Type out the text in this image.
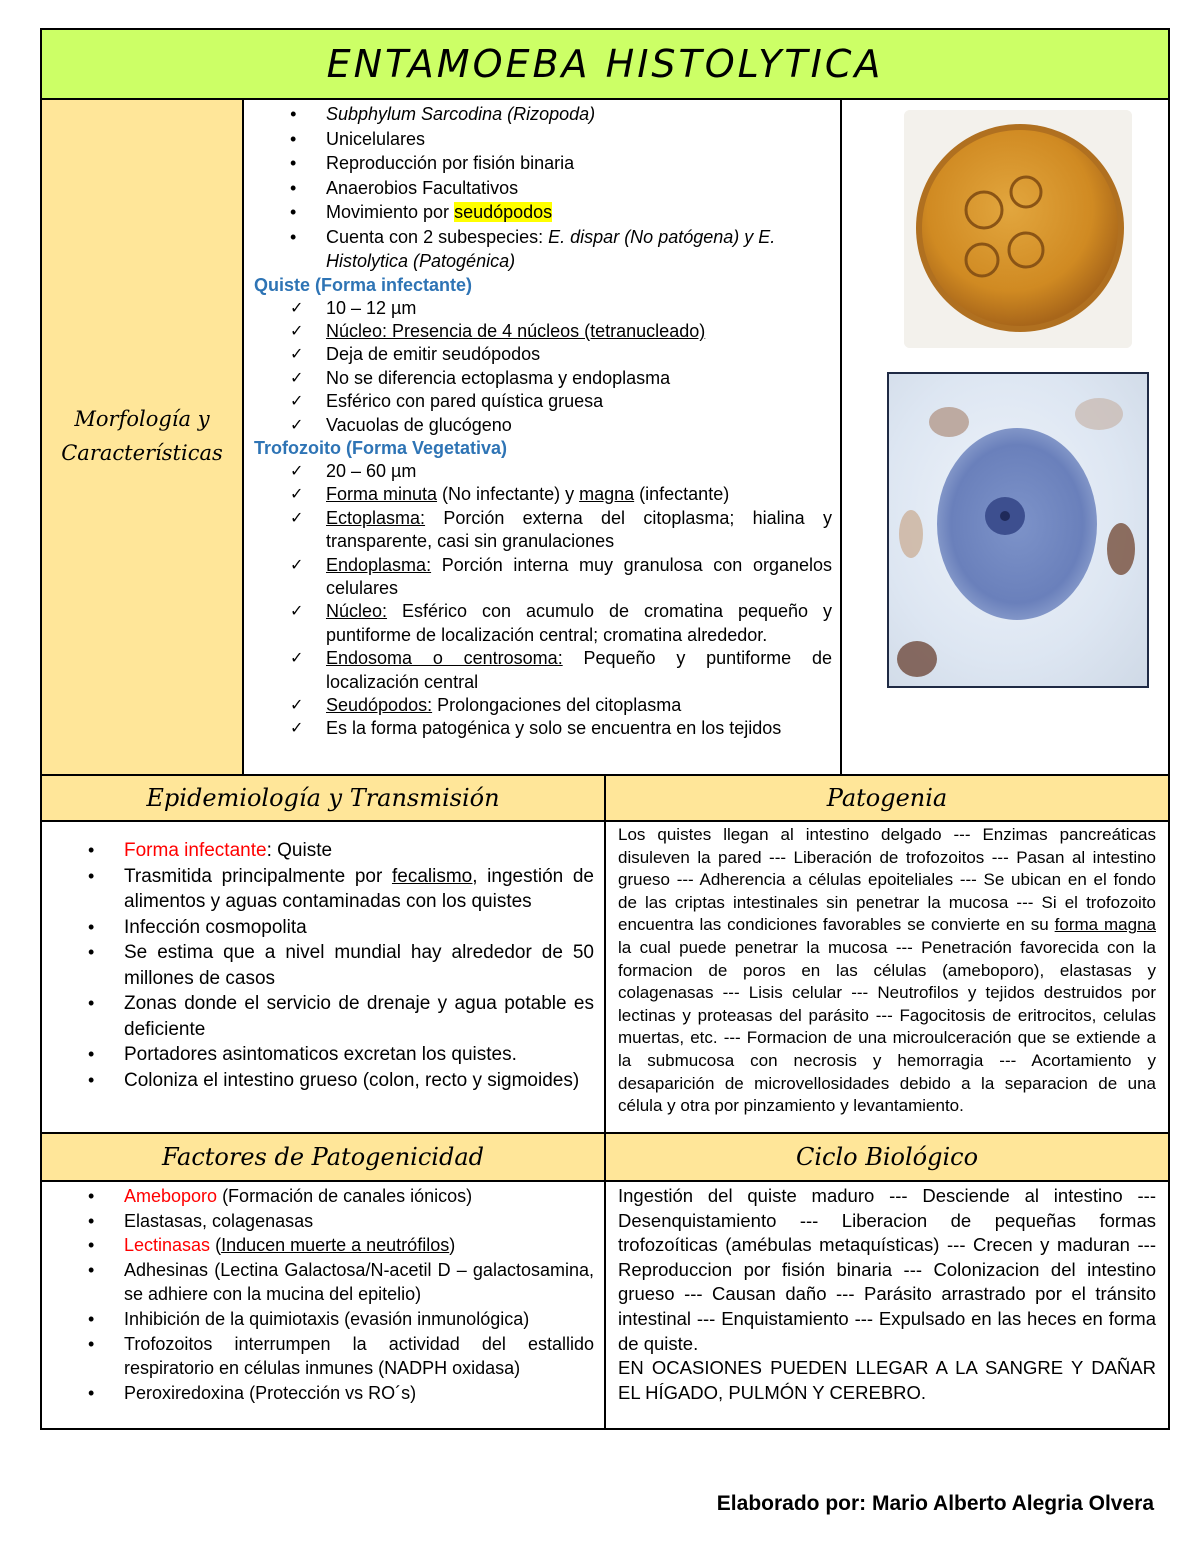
ENTAMOEBA HISTOLYTICA
Morfología y
Características
• Subphylum Sarcodina (Rizopoda)
• Unicelulares
• Reproducción por fisión binaria
• Anaerobios Facultativos
• Movimiento por seudópodos
• Cuenta con 2 subespecies: E. dispar (No patógena) y E. Histolytica (Patogénica)
Quiste (Forma infectante)
✓ 10 – 12 µm
✓ Núcleo: Presencia de 4 núcleos (tetranucleado)
✓ Deja de emitir seudópodos
✓ No se diferencia ectoplasma y endoplasma
✓ Esférico con pared quística gruesa
✓ Vacuolas de glucógeno
Trofozoito (Forma Vegetativa)
✓ 20 – 60 µm
✓ Forma minuta (No infectante) y magna (infectante)
✓ Ectoplasma: Porción externa del citoplasma; hialina y transparente, casi sin granulaciones
✓ Endoplasma: Porción interna muy granulosa con organelos celulares
✓ Núcleo: Esférico con acumulo de cromatina pequeño y puntiforme de localización central; cromatina alrededor.
✓ Endosoma o centrosoma: Pequeño y puntiforme de localización central
✓ Seudópodos: Prolongaciones del citoplasma
✓ Es la forma patogénica y solo se encuentra en los tejidos
Epidemiología y Transmisión	Patogenia
• Forma infectante: Quiste
• Trasmitida principalmente por fecalismo, ingestión de alimentos y aguas contaminadas con los quistes
• Infección cosmopolita
• Se estima que a nivel mundial hay alrededor de 50 millones de casos
• Zonas donde el servicio de drenaje y agua potable es deficiente
• Portadores asintomaticos excretan los quistes.
• Coloniza el intestino grueso (colon, recto y sigmoides)

Los quistes llegan al intestino delgado --- Enzimas pancreáticas disuleven la pared --- Liberación de trofozoitos --- Pasan al intestino grueso --- Adherencia a células epoiteliales --- Se ubican en el fondo de las criptas intestinales sin penetrar la mucosa --- Si el trofozoito encuentra las condiciones favorables se convierte en su forma magna la cual puede penetrar la mucosa --- Penetración favorecida con la formacion de poros en las células (ameboporo), elastasas y colagenasas --- Lisis celular --- Neutrofilos y tejidos destruidos por lectinas y proteasas del parásito --- Fagocitosis de eritrocitos, celulas muertas, etc. --- Formacion de una microulceración que se extiende a la submucosa con necrosis y hemorragia --- Acortamiento y desaparición de microvellosidades debido a la separacion de una célula y otra por pinzamiento y levantamiento.

Factores de Patogenicidad	Ciclo Biológico
• Ameboporo (Formación de canales iónicos)
• Elastasas, colagenasas
• Lectinasas (Inducen muerte a neutrófilos)
• Adhesinas (Lectina Galactosa/N-acetil D – galactosamina, se adhiere con la mucina del epitelio)
• Inhibición de la quimiotaxis (evasión inmunológica)
• Trofozoitos interrumpen la actividad del estallido respiratorio en células inmunes (NADPH oxidasa)
• Peroxiredoxina (Protección vs RO´s)

Ingestión del quiste maduro --- Desciende al intestino --- Desenquistamiento --- Liberacion de pequeñas formas trofozoíticas (amébulas metaquísticas) --- Crecen y maduran --- Reproduccion por fisión binaria --- Colonizacion del intestino grueso --- Causan daño --- Parásito arrastrado por el tránsito intestinal --- Enquistamiento --- Expulsado en las heces en forma de quiste.

EN OCASIONES PUEDEN LLEGAR A LA SANGRE Y DAÑAR EL HÍGADO, PULMÓN Y CEREBRO.

Elaborado por: Mario Alberto Alegria Olvera
